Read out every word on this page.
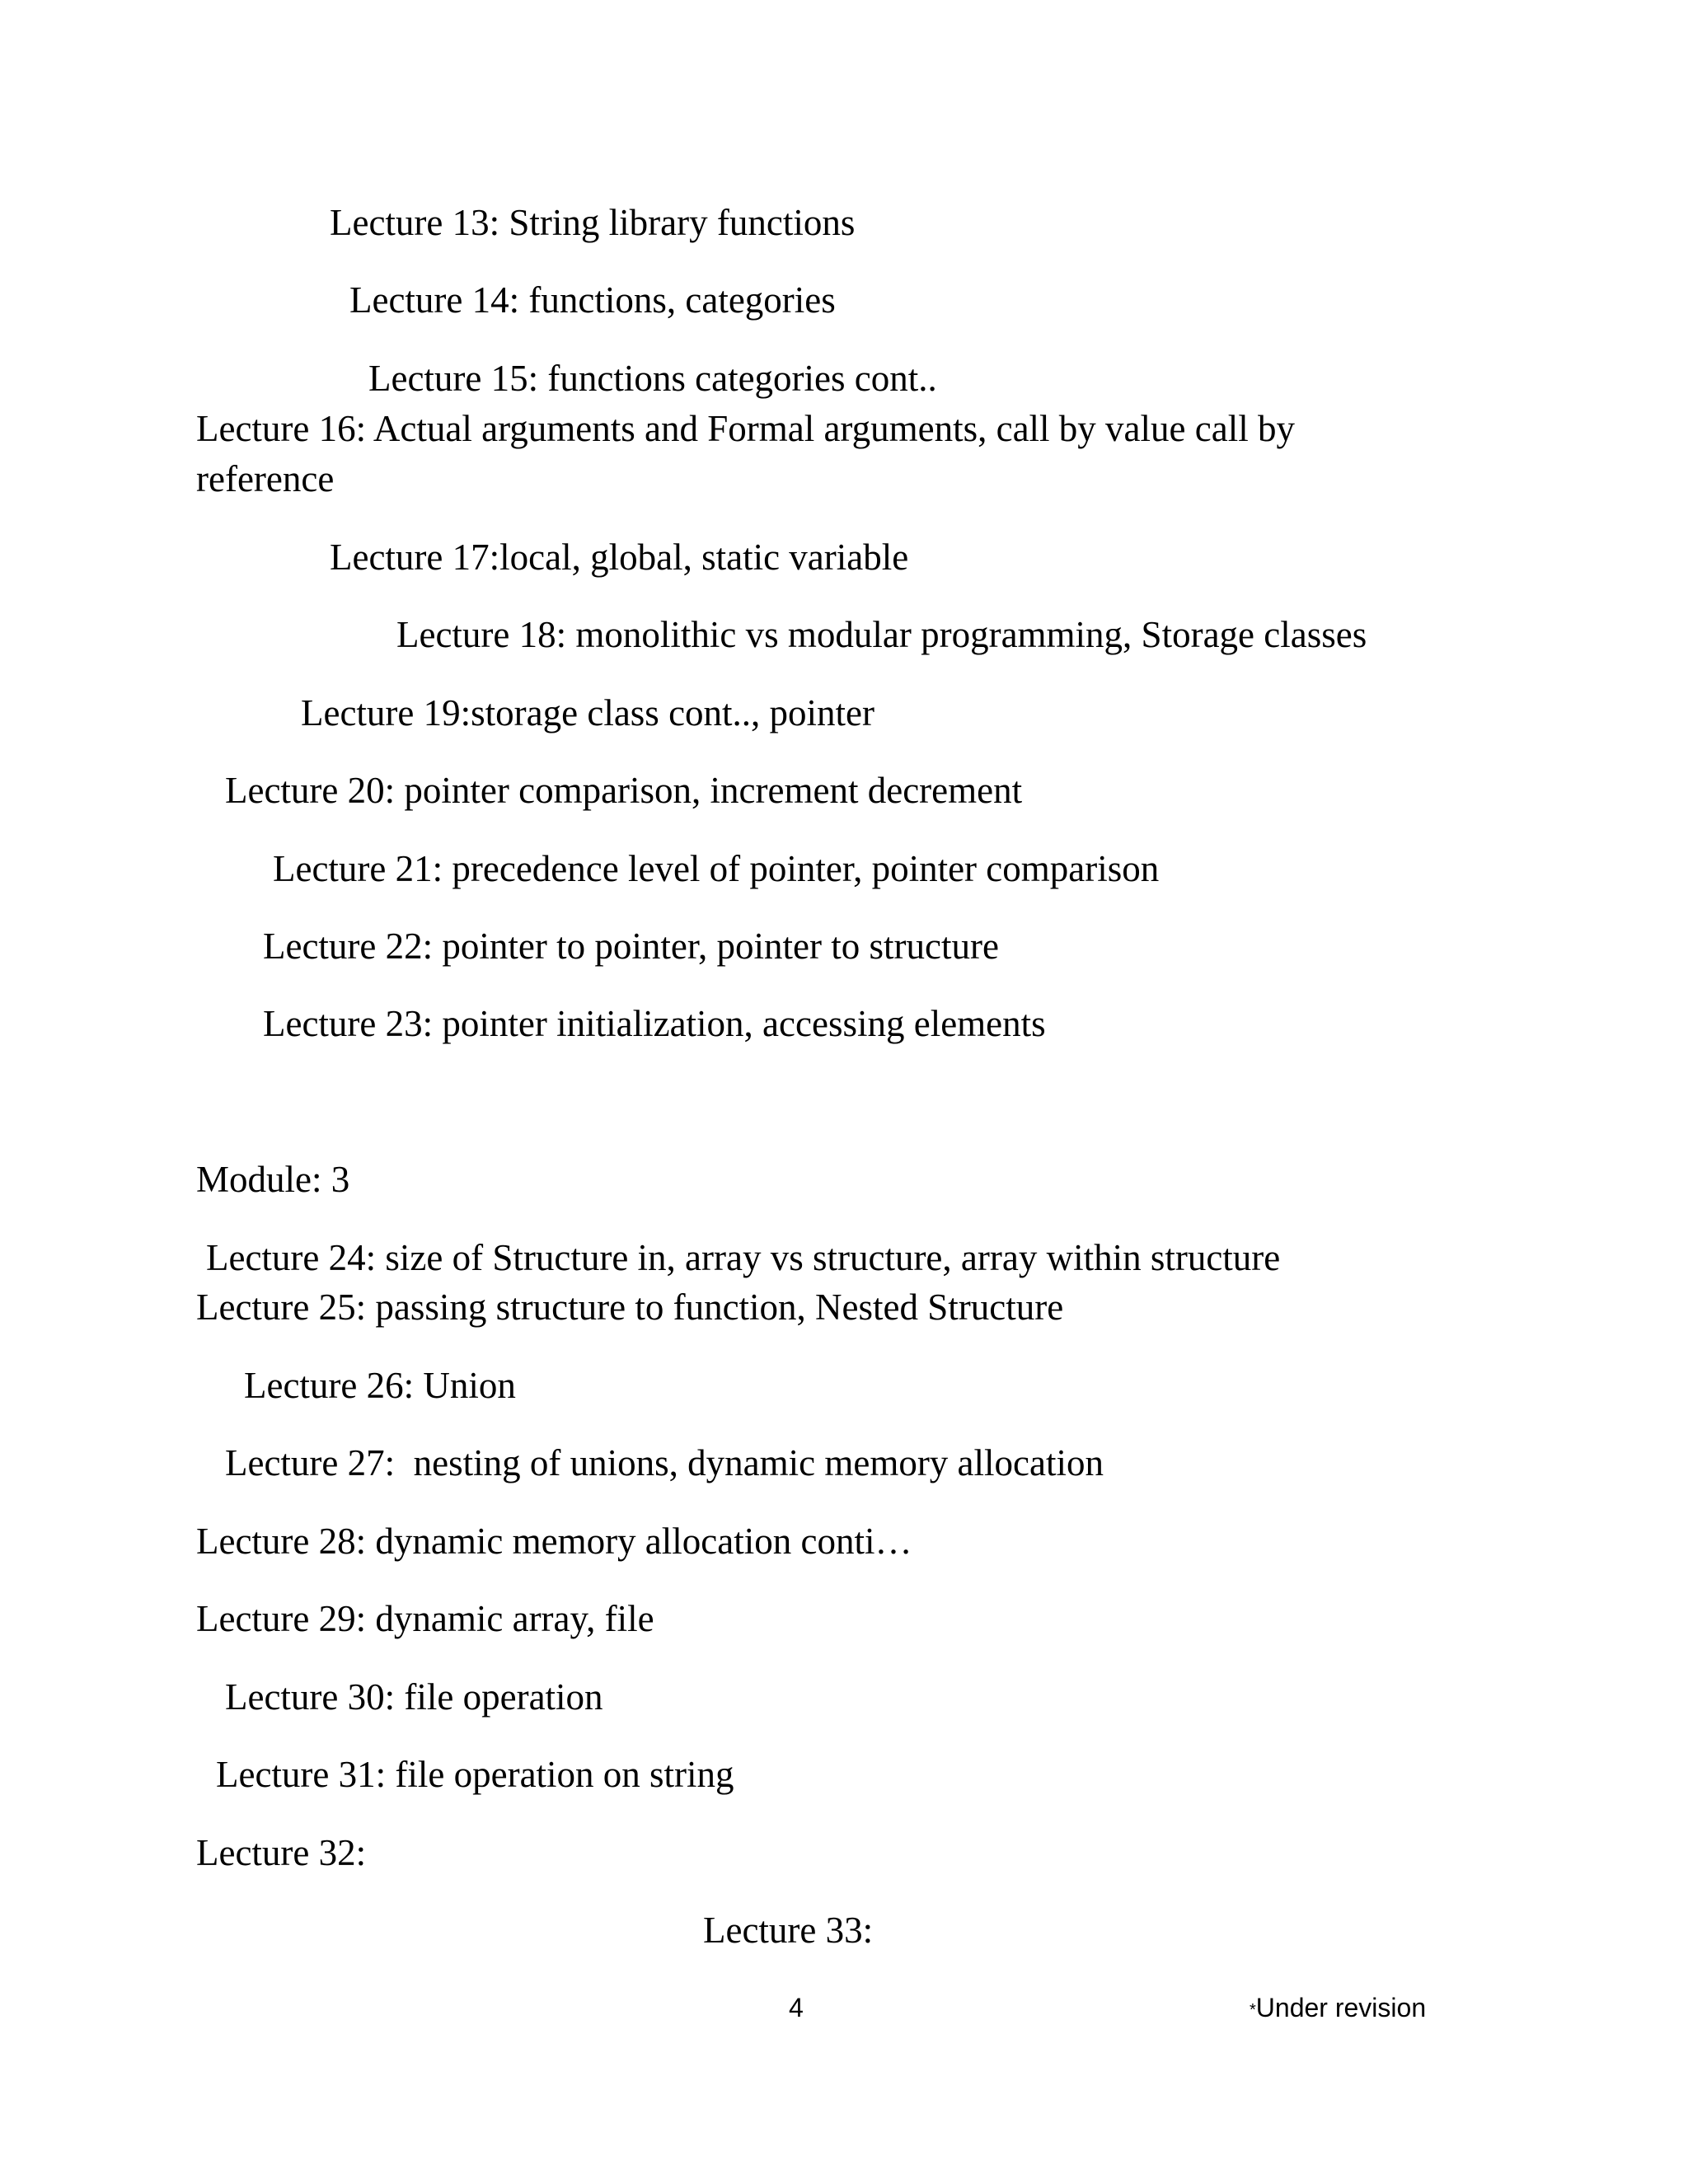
Lecture 13: String library functions
Lecture 14: functions, categories
Lecture 15: functions categories cont..
Lecture 16: Actual arguments and Formal arguments, call by value call by
reference
Lecture 17:local, global, static variable
Lecture 18: monolithic vs modular programming, Storage classes
Lecture 19:storage class cont.., pointer
Lecture 20: pointer comparison, increment decrement
Lecture 21: precedence level of pointer, pointer comparison
Lecture 22: pointer to pointer, pointer to structure
Lecture 23: pointer initialization, accessing elements
Module: 3
Lecture 24: size of Structure in, array vs structure, array within structure
Lecture 25: passing structure to function, Nested Structure
Lecture 26: Union
Lecture 27:  nesting of unions, dynamic memory allocation
Lecture 28: dynamic memory allocation conti…
Lecture 29: dynamic array, file
Lecture 30: file operation
Lecture 31: file operation on string
Lecture 32:
Lecture 33:
4	*Under revision
